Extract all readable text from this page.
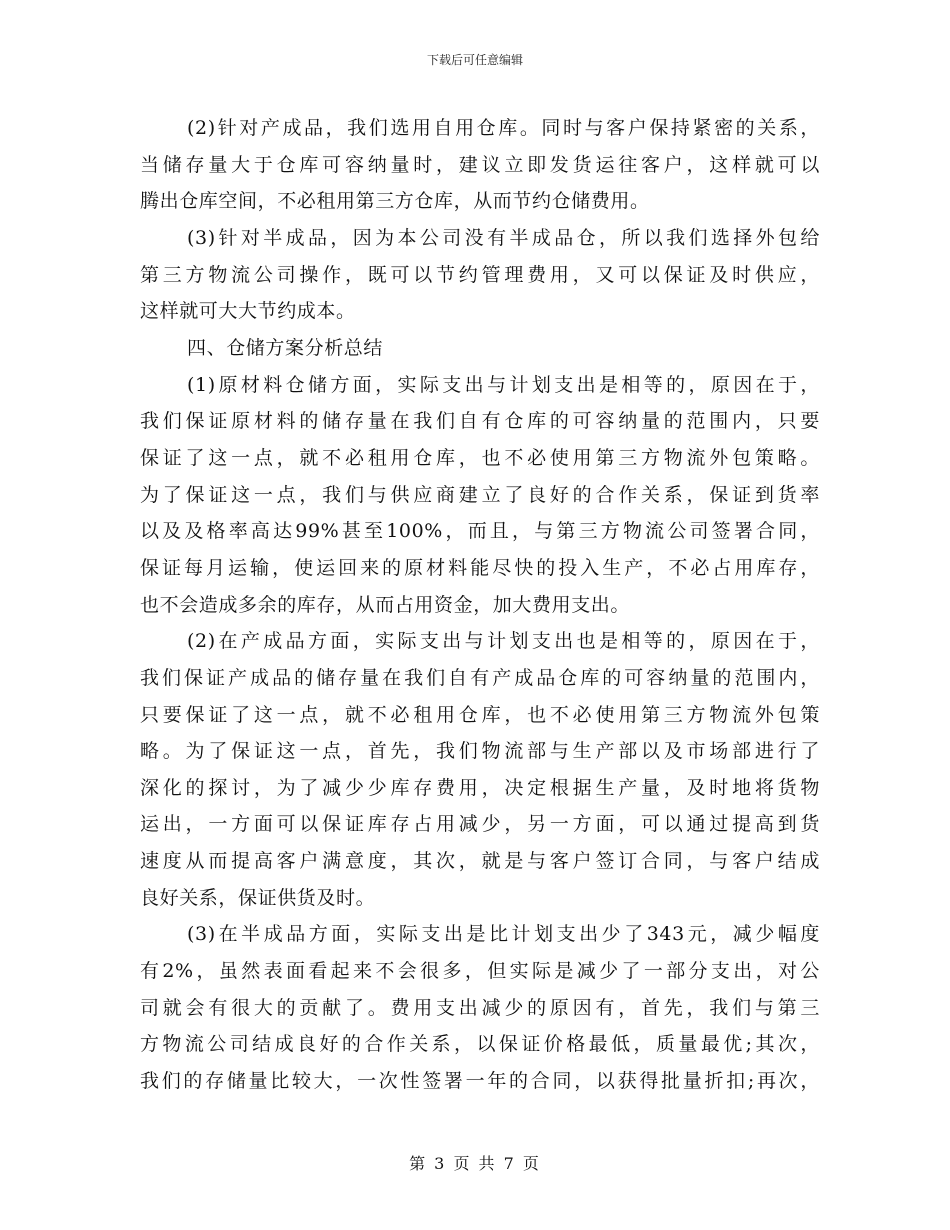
下载后可任意编辑
(2)针对产成品，我们选用自用仓库。同时与客户保持紧密的关系，
当储存量大于仓库可容纳量时，建议立即发货运往客户，这样就可以
腾出仓库空间，不必租用第三方仓库，从而节约仓储费用。
(3)针对半成品，因为本公司没有半成品仓，所以我们选择外包给
第三方物流公司操作，既可以节约管理费用，又可以保证及时供应，
这样就可大大节约成本。
四、仓储方案分析总结
(1)原材料仓储方面，实际支出与计划支出是相等的，原因在于，
我们保证原材料的储存量在我们自有仓库的可容纳量的范围内，只要
保证了这一点，就不必租用仓库，也不必使用第三方物流外包策略。
为了保证这一点，我们与供应商建立了良好的合作关系，保证到货率
以及及格率高达99%甚至100%，而且，与第三方物流公司签署合同，
保证每月运输，使运回来的原材料能尽快的投入生产，不必占用库存，
也不会造成多余的库存，从而占用资金，加大费用支出。
(2)在产成品方面，实际支出与计划支出也是相等的，原因在于，
我们保证产成品的储存量在我们自有产成品仓库的可容纳量的范围内，
只要保证了这一点，就不必租用仓库，也不必使用第三方物流外包策
略。为了保证这一点，首先，我们物流部与生产部以及市场部进行了
深化的探讨，为了减少少库存费用，决定根据生产量，及时地将货物
运出，一方面可以保证库存占用减少，另一方面，可以通过提高到货
速度从而提高客户满意度，其次，就是与客户签订合同，与客户结成
良好关系，保证供货及时。
(3)在半成品方面，实际支出是比计划支出少了343元，减少幅度
有2%，虽然表面看起来不会很多，但实际是减少了一部分支出，对公
司就会有很大的贡献了。费用支出减少的原因有，首先，我们与第三
方物流公司结成良好的合作关系，以保证价格最低，质量最优;其次，
我们的存储量比较大，一次性签署一年的合同，以获得批量折扣;再次，
第 3 页 共 7 页
